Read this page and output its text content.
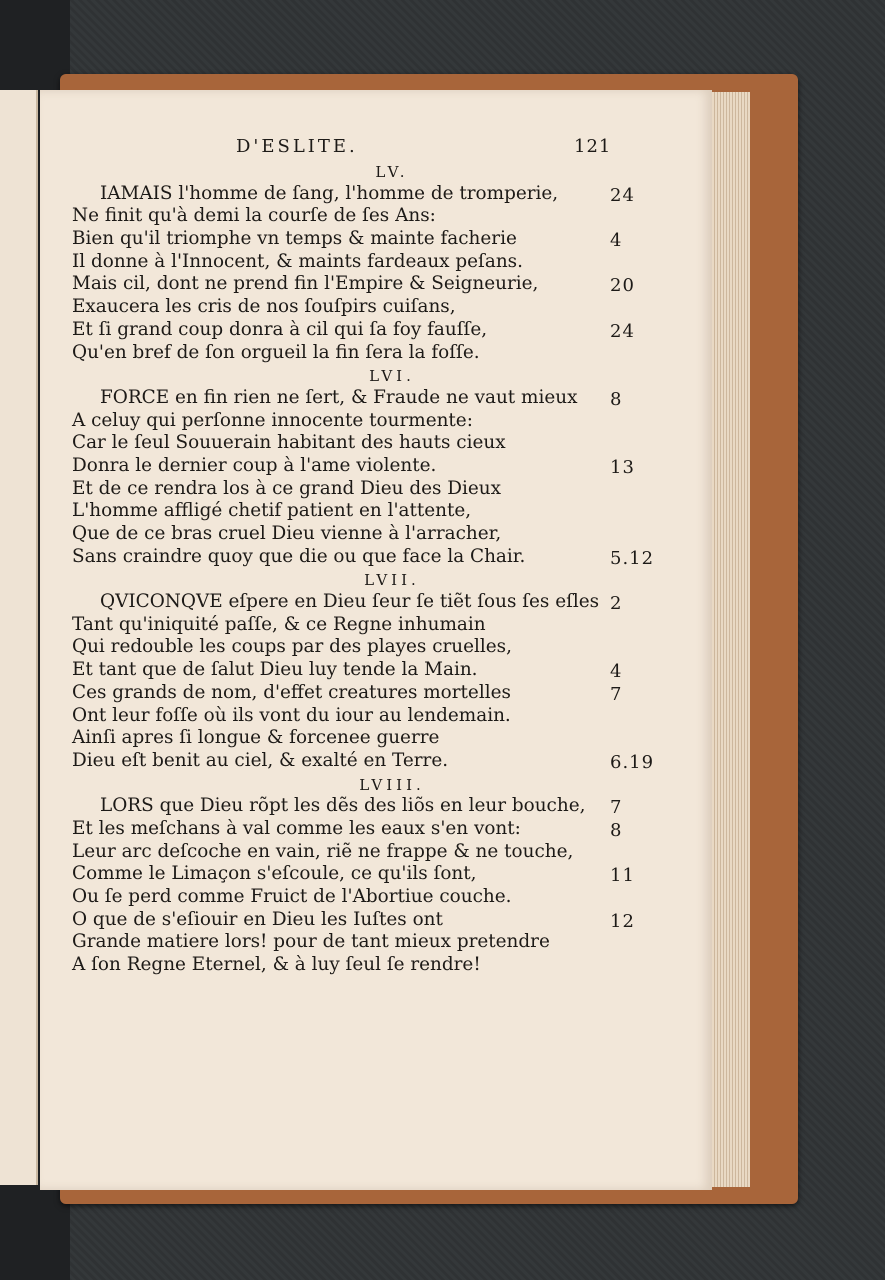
D'ESLITE.	121
LV.
IAMAIS l'homme de ſang, l'homme de tromperie,	24
Ne finit qu'à demi la courſe de ſes Ans:
Bien qu'il triomphe vn temps & mainte facherie	4
Il donne à l'Innocent, & maints fardeaux peſans.
Mais cil, dont ne prend fin l'Empire & Seigneurie,	20
Exaucera les cris de nos ſouſpirs cuiſans,
Et ſi grand coup donra à cil qui ſa foy fauſſe,	24
Qu'en bref de ſon orgueil la fin ſera la foſſe.
LVI.
FORCE en fin rien ne ſert, & Fraude ne vaut mieux 8
A celuy qui perſonne innocente tourmente:
Car le ſeul Souuerain habitant des hauts cieux
Donra le dernier coup à l'ame violente.	13
Et de ce rendra los à ce grand Dieu des Dieux
L'homme affligé chetif patient en l'attente,
Que de ce bras cruel Dieu vienne à l'arracher,
Sans craindre quoy que die ou que face la Chair.	5.12
LVII.
QVICONQVE eſpere en Dieu ſeur ſe tiẽt ſous ſes eſles 2
Tant qu'iniquité paſſe, & ce Regne inhumain
Qui redouble les coups par des playes cruelles,
Et tant que de ſalut Dieu luy tende la Main.	4
Ces grands de nom, d'effet creatures mortelles	7
Ont leur foſſe où ils vont du iour au lendemain.
Ainſi apres ſi longue & forcenee guerre
Dieu eſt benit au ciel, & exalté en Terre.	6.19
LVIII.
LORS que Dieu rõpt les dẽs des liõs en leur bouche, 7
Et les meſchans à val comme les eaux s'en vont:	8
Leur arc deſcoche en vain, riẽ ne frappe & ne touche,
Comme le Limaçon s'eſcoule, ce qu'ils ſont,	11
Ou ſe perd comme Fruict de l'Abortiue couche.
O que de s'eſiouir en Dieu les Iuſtes ont	12
Grande matiere lors! pour de tant mieux pretendre
A ſon Regne Eternel, & à luy ſeul ſe rendre!
